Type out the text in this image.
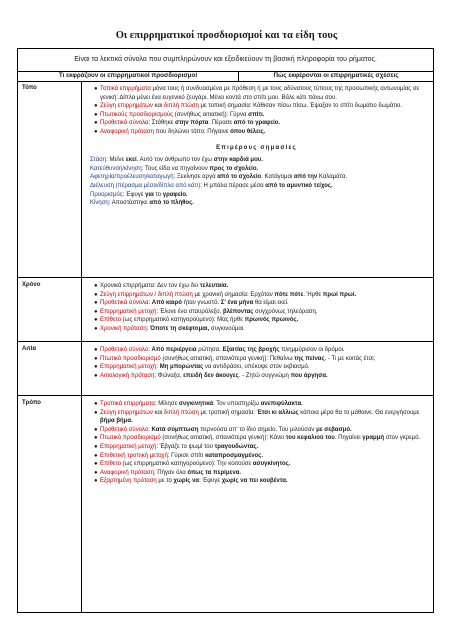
Οι επιρρηματικοί προσδιορισμοί και τα είδη τους
Είναι τα λεκτικά σύνολα που συμπληρώνουν και εξειδικεύουν τη βασική πληροφορία του ρήματος.
Τι εκφράζουν οι επιρρηματικοί προσδιορισμοί	Πώς εκφέρονται οι επιρρηματικές σχέσεις
Τόπο	● Τοπικά επιρρήματα μόνα τους ή συνδυασμένα με πρόθεση ή με τους αδύνατους τύπους της προσωπικής αντωνυμίας σε γενική: Δίπλα μένει ένα ευγενικό ζευγάρι. Μένει κοντά στο σπίτι μου. Βάλε κάτι πάνω σου.
● Ζεύγη επιρρημάτων και διπλή πτώση με τοπική σημασία: Κάθισαν πίσω πίσω. Έψαξαν το σπίτι δωμάτιο δωμάτιο.
● Πτωτικούς προσδιορισμούς (συνήθως αιτιατική): Γύρνα σπίτι.
● Προθετικά σύνολα: Στάθηκε στην πόρτα. Πέρασε από το γραφείο.
● Αναφορική πρόταση που δηλώνει τόπο: Πήγαινε όπου θέλεις.
Επιμέρους σημασίες
Στάση: Μείνε εκεί. Αυτό τον άνθρωπο τον έχω στην καρδιά μου.
Κατεύθυνση/κίνηση: Τους είδα να πηγαίνουν προς το σχολείο.
Αφετηρία/προέλευση/καταγωγή: Ξεκίνησε αργά από το σχολείο. Κατάγομαι από την Καλαμάτα.
Διέλευση (πέρασμα μέσα/δίπλα από κάτι): Η μπάλα πέρασε μέσα από το αμυντικό τείχος.
Προορισμός: Έφυγε για το γραφείο.
Κίνηση: Αποστάστηκε από το πλήθος.
Χρόνο	● Χρονικά επιρρήματα: Δεν τον έχω δει τελευταία.
● Ζεύγη επιρρημάτων / διπλή πτώση με χρονική σημασία: Ερχόταν πότε πότε. Ήρθε πρωί πρωί.
● Προθετικά σύνολα: Από καιρό ήταν γνωστό. Σ' ένα μήνα θα είμαι εκεί.
● Επιρρηματική μετοχή: Έλυνε ένα σταυρόλεξο, βλέποντας συγχρόνως τηλεόραση.
● Επίθετο (ως επιρρηματικό κατηγορούμενο): Μας ήρθε πρωινός πρωινός.
● Χρονική πρόταση: Όποτε τη σκέφτομαι, συγκινούμαι.
Αιτία	● Προθετικό σύνολο: Από περιέργεια ρώτησα. Εξαιτίας της βροχής πλημμύρισαν οι δρόμοι.
● Πτωτικό προσδιορισμό (συνήθως αιτιατική, σπανιότερα γενική): Πεθαίνω της πείνας. - Τι με κοιτάς έτσι;
● Επιρρηματική μετοχή: Μη μπορώντας να αντιδράσει, υπέκυψε στον εκβιασμό.
● Αιτιολογική πρόταση: Φώναξα, επειδή δεν άκουγες. - Ζητώ συγγνώμη που άργησα.
Τρόπο	● Τροπικά επιρρήματα: Μίλησε συγκινητικά. Τον υποστηρίζω ανεπιφύλακτα.
● Ζεύγη επιρρημάτων και διπλή πτώση με τροπική σημασία: Έτσι κι αλλιώς κάποια μέρα θα το μάθαινε. Θα ενεργήσουμε βήμα βήμα.
● Προθετικό σύνολο: Κατά σύμπτωση περνούσα απ' το ίδιο σημείο. Του μιλούσαν με σεβασμό.
● Πτωτικό προσδιορισμό (συνήθως αιτιατική, σπανιότερα γενική): Κάνει του κεφαλιού του. Πηγαίνει γραμμή στον γκρεμό.
● Επιρρηματική μετοχή: Έβγαζε το ψωμί του τραγουδώντας.
● Επιθετική τροπική μετοχή: Γύρισε σπίτι καταπροσμαγμένος.
● Επίθετο (ως επιρρηματικό κατηγορούμενο): Την κοιτούσε ασυγκίνητος.
● Αναφορική πρόταση: Πήγαν όλα όπως τα περίμενα.
● Εξαρτημένη πρόταση με το χωρίς να: Έφυγε χωρίς να πει κουβέντα.
